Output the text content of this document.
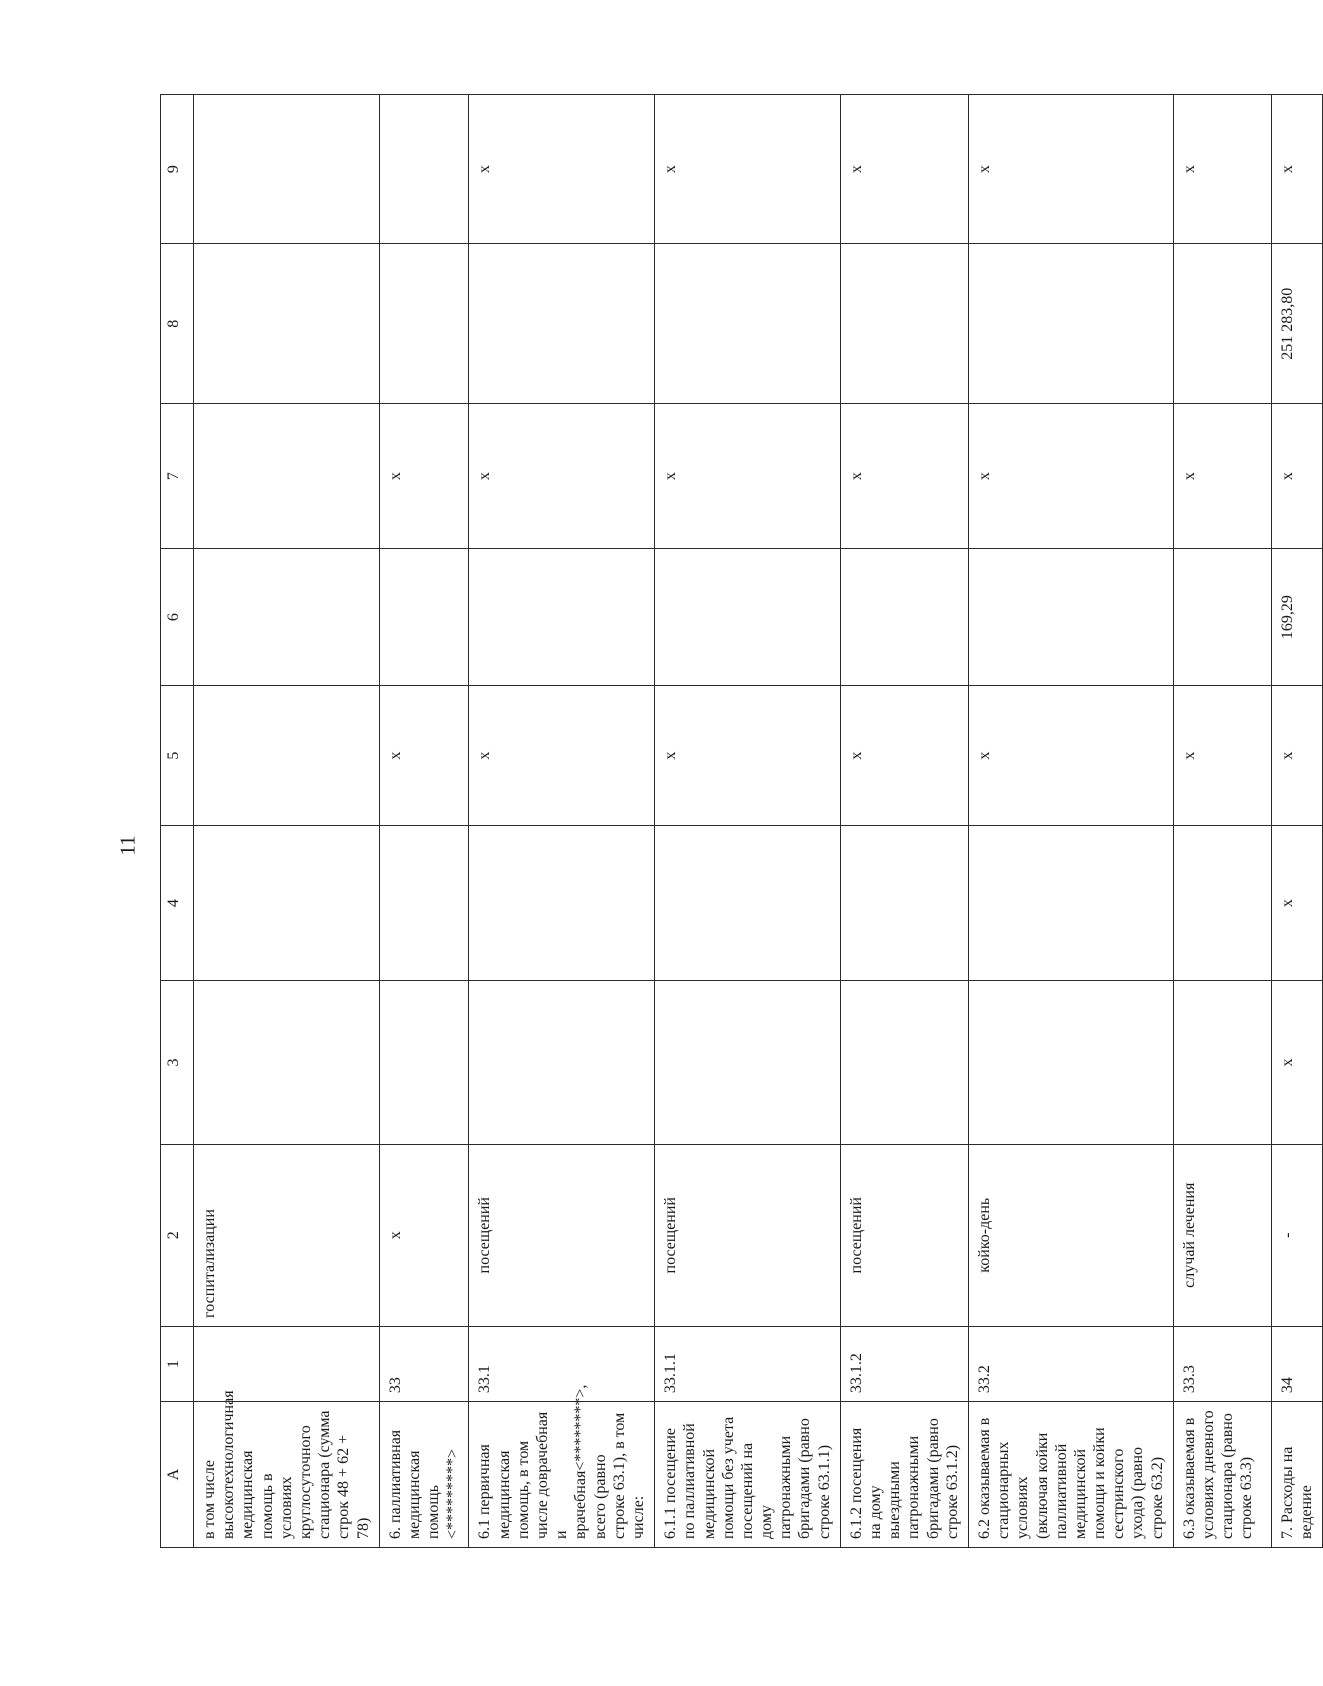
11
А	1	2	3	4	5	6	7	8	9
в том числе высокотехнологичная медицинская помощь в условиях круглосуточного стационара (сумма строк 48 + 62 + 78)		госпитализации							
6. паллиативная медицинская помощь <*********>	33	х			х		х		
6.1 первичная медицинская помощь, в том числе доврачебная и врачебная<********>, всего (равно строке 63.1), в том числе:	33.1	посещений			х		х		х
6.1.1 посещение по паллиативной медицинской помощи без учета посещений на дому патронажными бригадами (равно строке 63.1.1)	33.1.1	посещений			х		х		х
6.1.2 посещения на дому выездными патронажными бригадами (равно строке 63.1.2)	33.1.2	посещений			х		х		х
6.2 оказываемая в стационарных условиях (включая койки паллиативной медицинской помощи и койки сестринского ухода) (равно строке 63.2)	33.2	койко-день			х		х		х
6.3 оказываемая в условиях дневного стационара (равно строке 63.3)	33.3	случай лечения			х		х		х
7. Расходы на ведение	34	-	х	х	х	169,29	х	251 283,80	х
